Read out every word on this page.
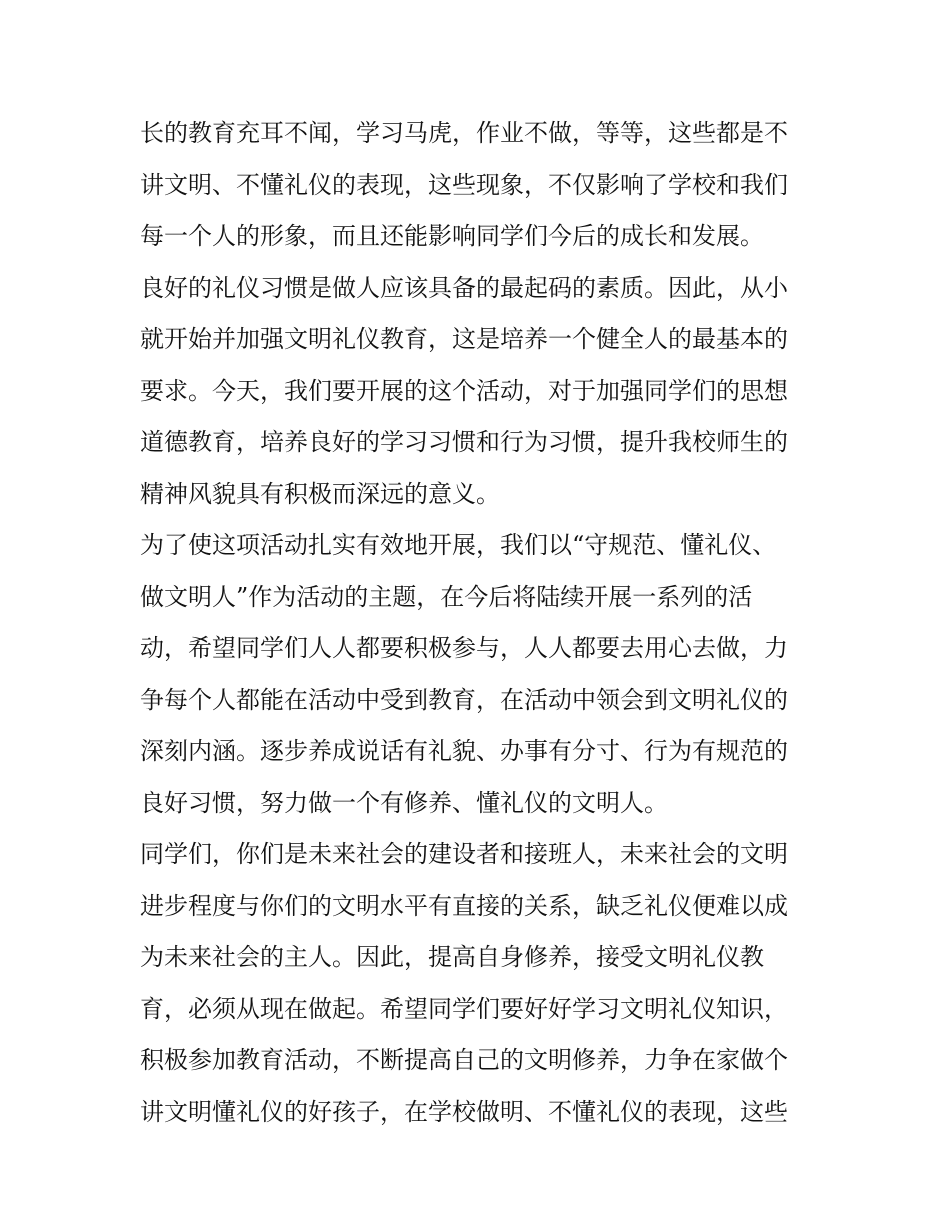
长的教育充耳不闻，学习马虎，作业不做，等等，这些都是不
讲文明、不懂礼仪的表现，这些现象，不仅影响了学校和我们
每一个人的形象，而且还能影响同学们今后的成长和发展。
良好的礼仪习惯是做人应该具备的最起码的素质。因此，从小
就开始并加强文明礼仪教育，这是培养一个健全人的最基本的
要求。今天，我们要开展的这个活动，对于加强同学们的思想
道德教育，培养良好的学习习惯和行为习惯，提升我校师生的
精神风貌具有积极而深远的意义。
为了使这项活动扎实有效地开展，我们以“守规范、懂礼仪、
做文明人”作为活动的主题，在今后将陆续开展一系列的活
动，希望同学们人人都要积极参与，人人都要去用心去做，力
争每个人都能在活动中受到教育，在活动中领会到文明礼仪的
深刻内涵。逐步养成说话有礼貌、办事有分寸、行为有规范的
良好习惯，努力做一个有修养、懂礼仪的文明人。
同学们，你们是未来社会的建设者和接班人，未来社会的文明
进步程度与你们的文明水平有直接的关系，缺乏礼仪便难以成
为未来社会的主人。因此，提高自身修养，接受文明礼仪教
育，必须从现在做起。希望同学们要好好学习文明礼仪知识，
积极参加教育活动，不断提高自己的文明修养，力争在家做个
讲文明懂礼仪的好孩子，在学校做明、不懂礼仪的表现，这些
